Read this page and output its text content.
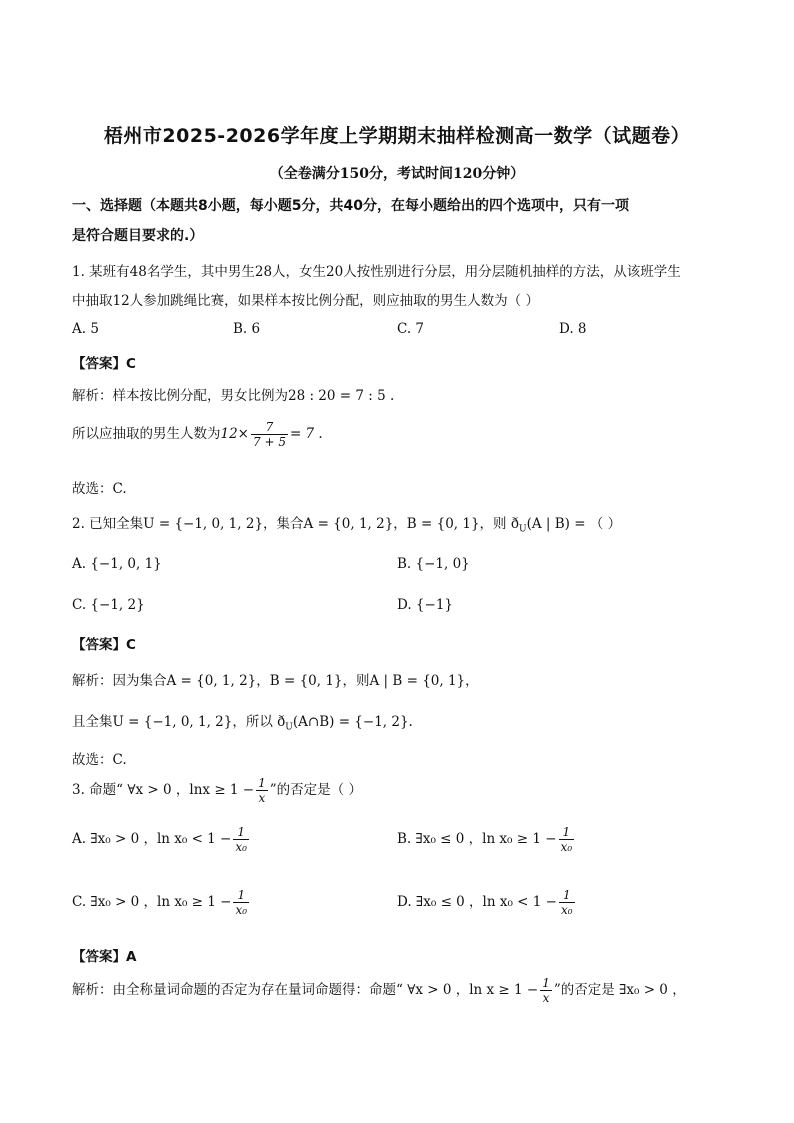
梧州市2025-2026学年度上学期期末抽样检测高一数学（试题卷）
（全卷满分150分，考试时间120分钟）
一、选择题（本题共8小题，每小题5分，共40分，在每小题给出的四个选项中，只有一项
是符合题目要求的.）
1. 某班有48名学生，其中男生28人，女生20人按性别进行分层，用分层随机抽样的方法，从该班学生
中抽取12人参加跳绳比赛，如果样本按比例分配，则应抽取的男生人数为（ ）
A. 5	B. 6	C. 7	D. 8
【答案】C
解析：样本按比例分配，男女比例为28 : 20 = 7 : 5 .
所以应抽取的男生人数为$12\times \frac{7}{7 + 5} = 7$ .
故选：C.
2. 已知全集U = {−1, 0, 1, 2}，集合A = {0, 1, 2}，B = {0, 1}，则 $ð_U(A$ | B) = （ ）
A. {−1, 0, 1}	B. {−1, 0}
C. {−1, 2}	D. {−1}
【答案】C
解析：因为集合A = {0, 1, 2}，B = {0, 1}，则A | B = {0, 1}，
且全集U = {−1, 0, 1, 2}，所以 $ð_U(A\cap B) = \{-1$, 2}.
故选：C.
3. 命题“ ∀x > 0 ，$\ln x \ge 1 - \frac{1}{x}$ ”的否定是（ ）
A. ∃x₀ > 0 ，$\ln x_0 < 1 - \frac{1}{\text{x₀}}$	B. ∃x₀ ≤ 0 ，$\ln x_0 \ge 1 - \frac{1}{\text{x₀}}$
C. ∃x₀ > 0 ，$\ln x_0 \ge 1 - \frac{1}{\text{x₀}}$	D. ∃x₀ ≤ 0 ，$\ln x_0 < 1 - \frac{1}{\text{x₀}}$
【答案】A
解析：由全称量词命题的否定为存在量词命题得：命题“ ∀x > 0 ，$\ln x \ge 1 - \frac{1}{x}$ ”的否定是 ∃x₀ > 0 ，
